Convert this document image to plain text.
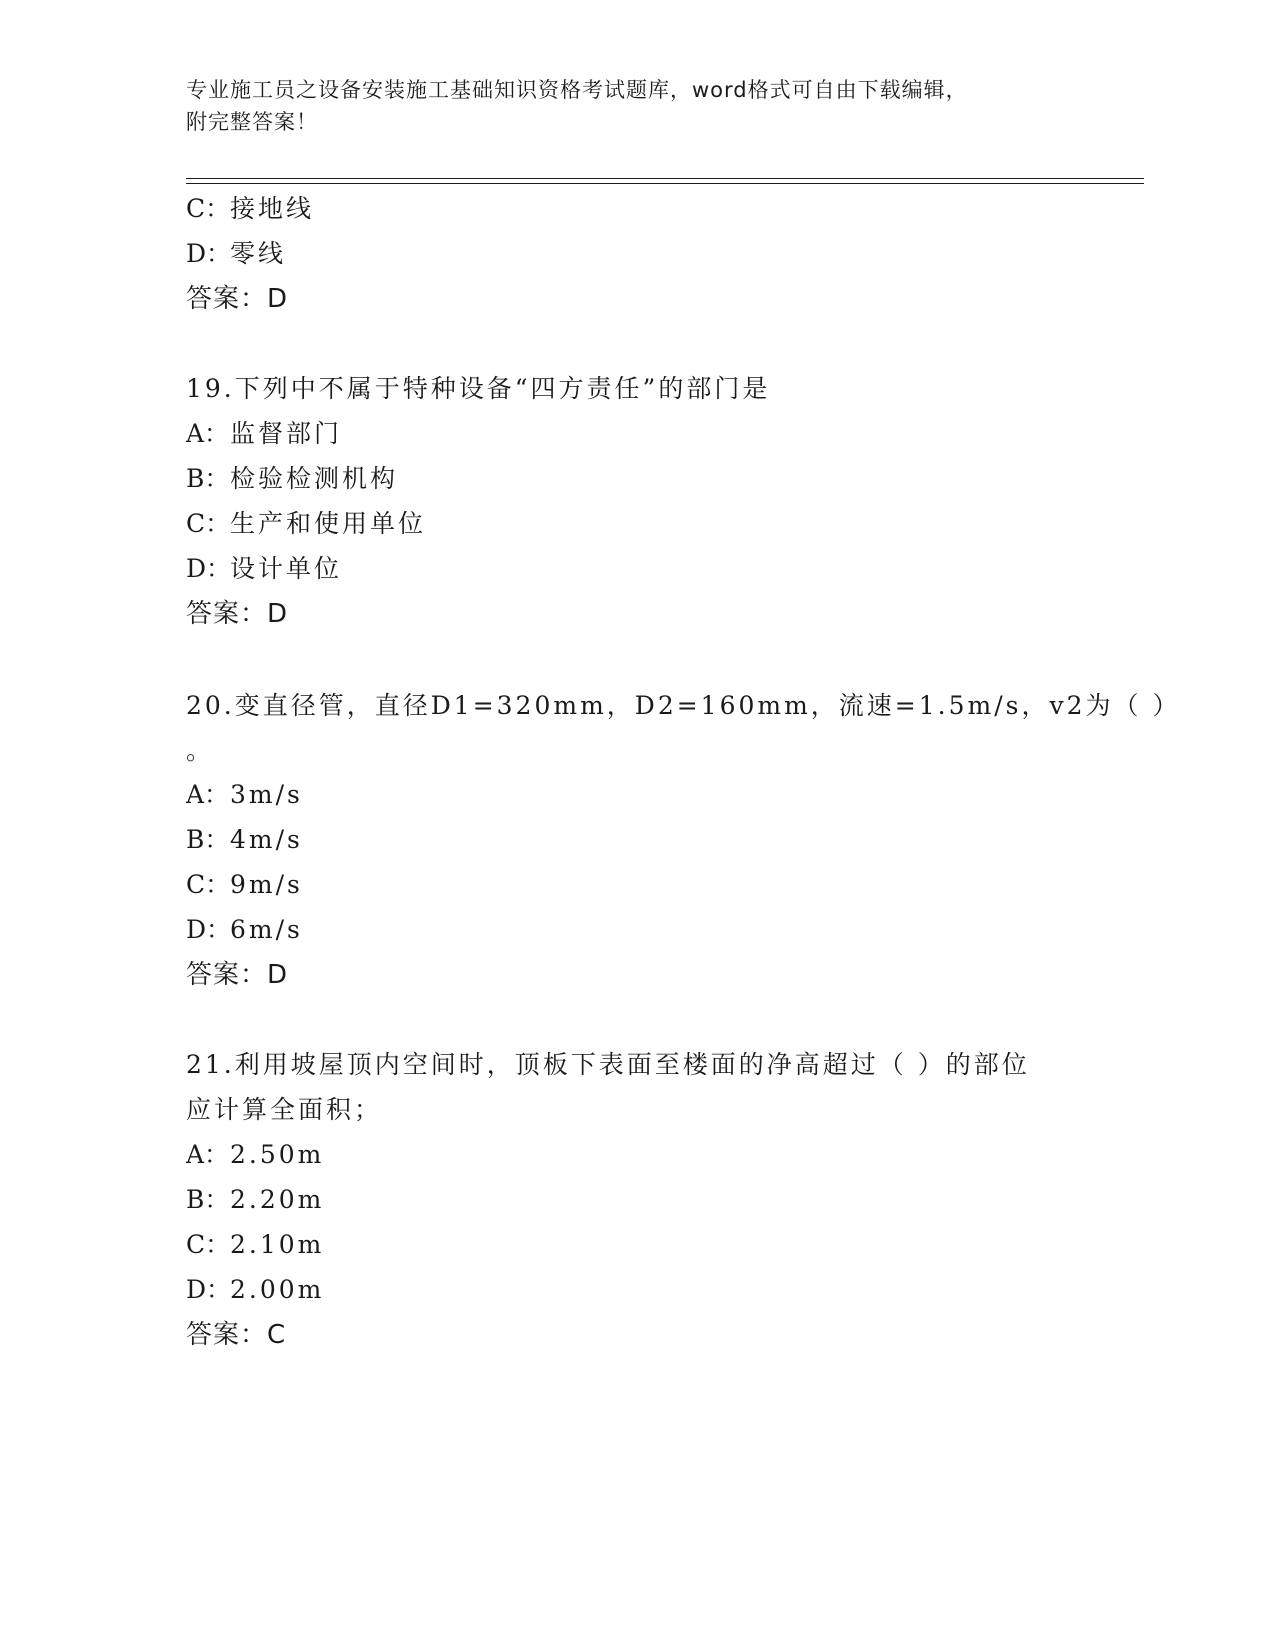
专业施工员之设备安装施工基础知识资格考试题库，word格式可自由下载编辑，
附完整答案！
C：接地线
D：零线
答案：D
19.下列中不属于特种设备“四方责任”的部门是
A：监督部门
B：检验检测机构
C：生产和使用单位
D：设计单位
答案：D
20.变直径管，直径D1=320mm，D2=160mm，流速=1.5m/s，v2为（ ）
。
A：3m/s
B：4m/s
C：9m/s
D：6m/s
答案：D
21.利用坡屋顶内空间时，顶板下表面至楼面的净高超过（ ）的部位
应计算全面积；
A：2.50m
B：2.20m
C：2.10m
D：2.00m
答案：C
